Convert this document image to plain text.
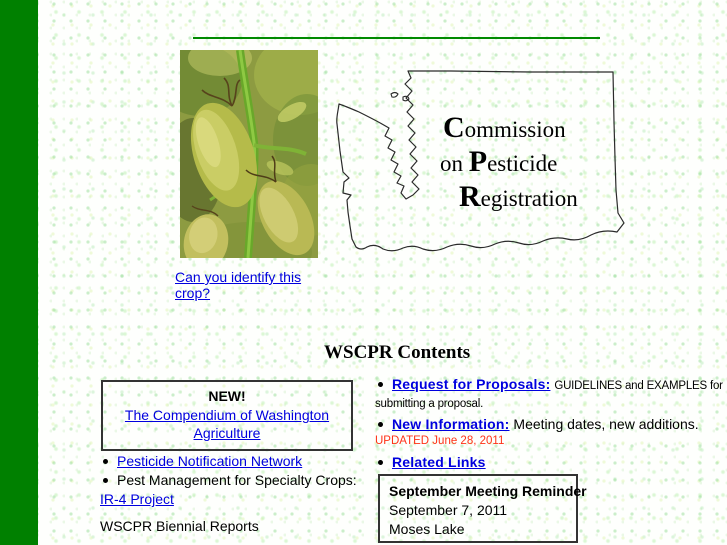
Commission
on Pesticide
Registration
Can you identify this crop?
WSCPR Contents
NEW!
The Compendium of Washington Agriculture
Pesticide Notification Network
Pest Management for Specialty Crops:
IR-4 Project
WSCPR Biennial Reports
Request for Proposals: GUIDELINES and EXAMPLES for
submitting a proposal.
New Information: Meeting dates, new additions.
UPDATED June 28, 2011
Related Links
September Meeting Reminder
September 7, 2011
Moses Lake
